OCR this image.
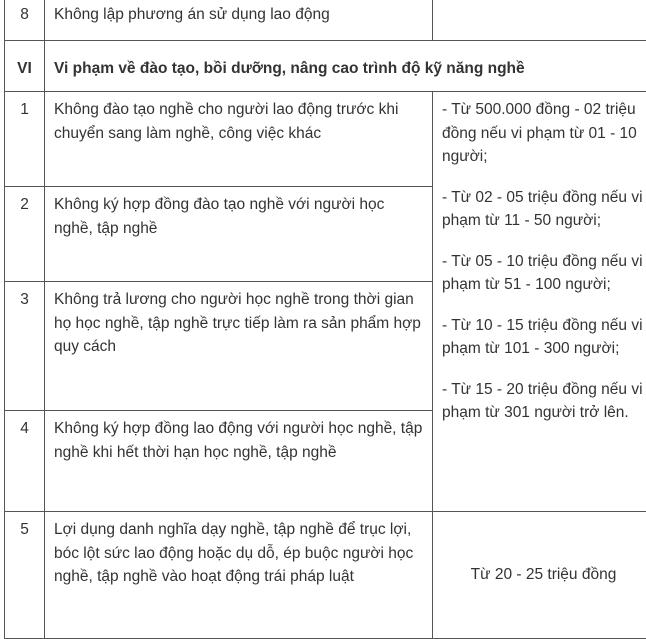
8	Không lập phương án sử dụng lao động	
VI	Vi phạm về đào tạo, bồi dưỡng, nâng cao trình độ kỹ năng nghề	
1	Không đào tạo nghề cho người lao động trước khi chuyển sang làm nghề, công việc khác	- Từ 500.000 đồng - 02 triệu đồng nếu vi phạm từ 01 - 10 người;
- Từ 02 - 05 triệu đồng nếu vi phạm từ 11 - 50 người;
- Từ 05 - 10 triệu đồng nếu vi phạm từ 51 - 100 người;
- Từ 10 - 15 triệu đồng nếu vi phạm từ 101 - 300 người;
- Từ 15 - 20 triệu đồng nếu vi phạm từ 301 người trở lên.

2	Không ký hợp đồng đào tạo nghề với người học nghề, tập nghề	
3	Không trả lương cho người học nghề trong thời gian họ học nghề, tập nghề trực tiếp làm ra sản phẩm hợp quy cách	
4	Không ký hợp đồng lao động với người học nghề, tập nghề khi hết thời hạn học nghề, tập nghề	
5	Lợi dụng danh nghĩa dạy nghề, tập nghề để trục lợi, bóc lột sức lao động hoặc dụ dỗ, ép buộc người học nghề, tập nghề vào hoạt động trái pháp luật	Từ 20 - 25 triệu đồng
